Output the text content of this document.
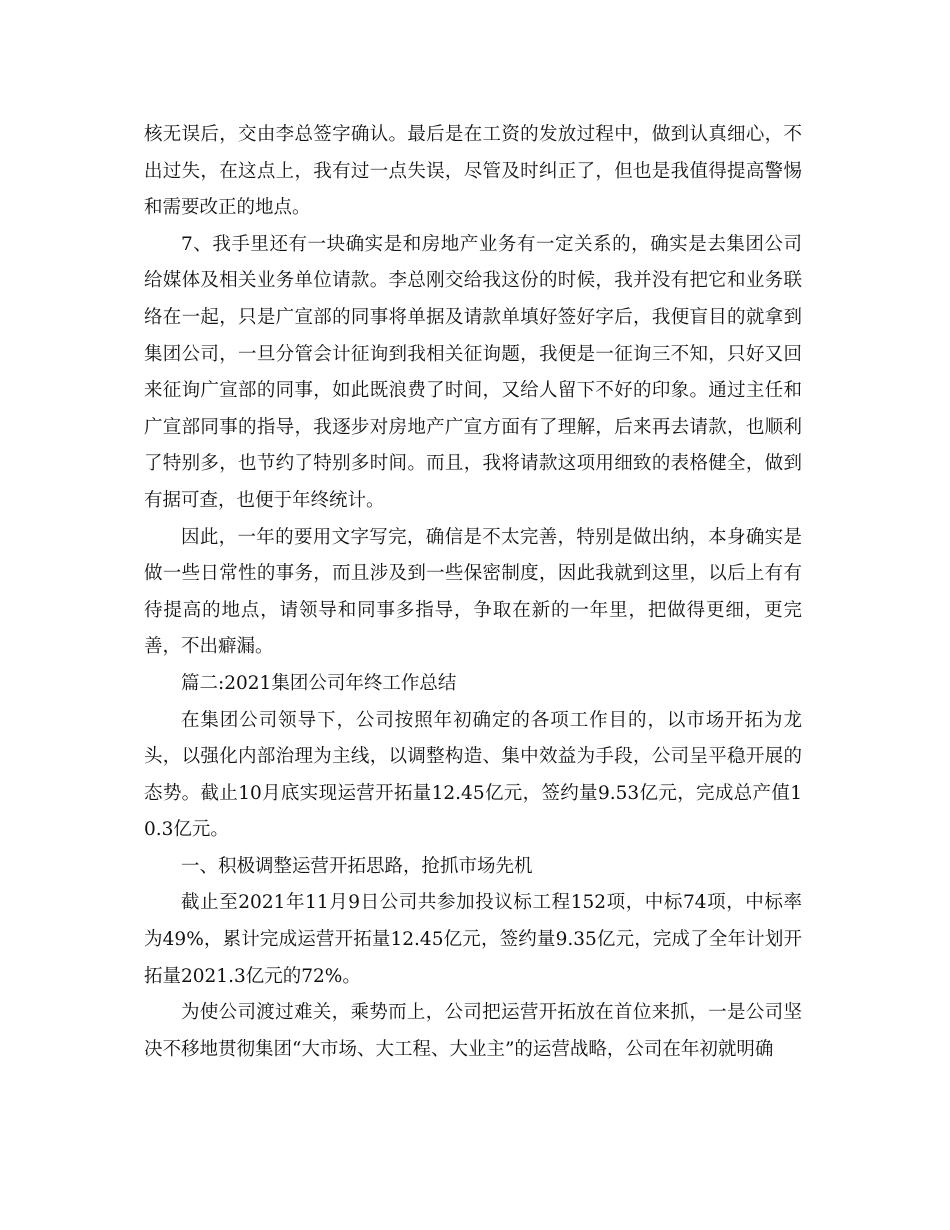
核无误后，交由李总签字确认。最后是在工资的发放过程中，做到认真细心，不出过失，在这点上，我有过一点失误，尽管及时纠正了，但也是我值得提高警惕和需要改正的地点。

7、我手里还有一块确实是和房地产业务有一定关系的，确实是去集团公司给媒体及相关业务单位请款。李总刚交给我这份的时候，我并没有把它和业务联络在一起，只是广宣部的同事将单据及请款单填好签好字后，我便盲目的就拿到集团公司，一旦分管会计征询到我相关征询题，我便是一征询三不知，只好又回来征询广宣部的同事，如此既浪费了时间，又给人留下不好的印象。通过主任和广宣部同事的指导，我逐步对房地产广宣方面有了理解，后来再去请款，也顺利了特别多，也节约了特别多时间。而且，我将请款这项用细致的表格健全，做到有据可查，也便于年终统计。

因此，一年的要用文字写完，确信是不太完善，特别是做出纳，本身确实是做一些日常性的事务，而且涉及到一些保密制度，因此我就到这里，以后上有有待提高的地点，请领导和同事多指导，争取在新的一年里，把做得更细，更完善，不出癖漏。

篇二:2021集团公司年终工作总结

在集团公司领导下，公司按照年初确定的各项工作目的，以市场开拓为龙头，以强化内部治理为主线，以调整构造、集中效益为手段，公司呈平稳开展的态势。截止10月底实现运营开拓量12.45亿元，签约量9.53亿元，完成总产值10.3亿元。

一、积极调整运营开拓思路，抢抓市场先机

截止至2021年11月9日公司共参加投议标工程152项，中标74项，中标率为49%，累计完成运营开拓量12.45亿元，签约量9.35亿元，完成了全年计划开拓量2021.3亿元的72%。

为使公司渡过难关，乘势而上，公司把运营开拓放在首位来抓，一是公司坚决不移地贯彻集团“大市场、大工程、大业主”的运营战略，公司在年初就明确
